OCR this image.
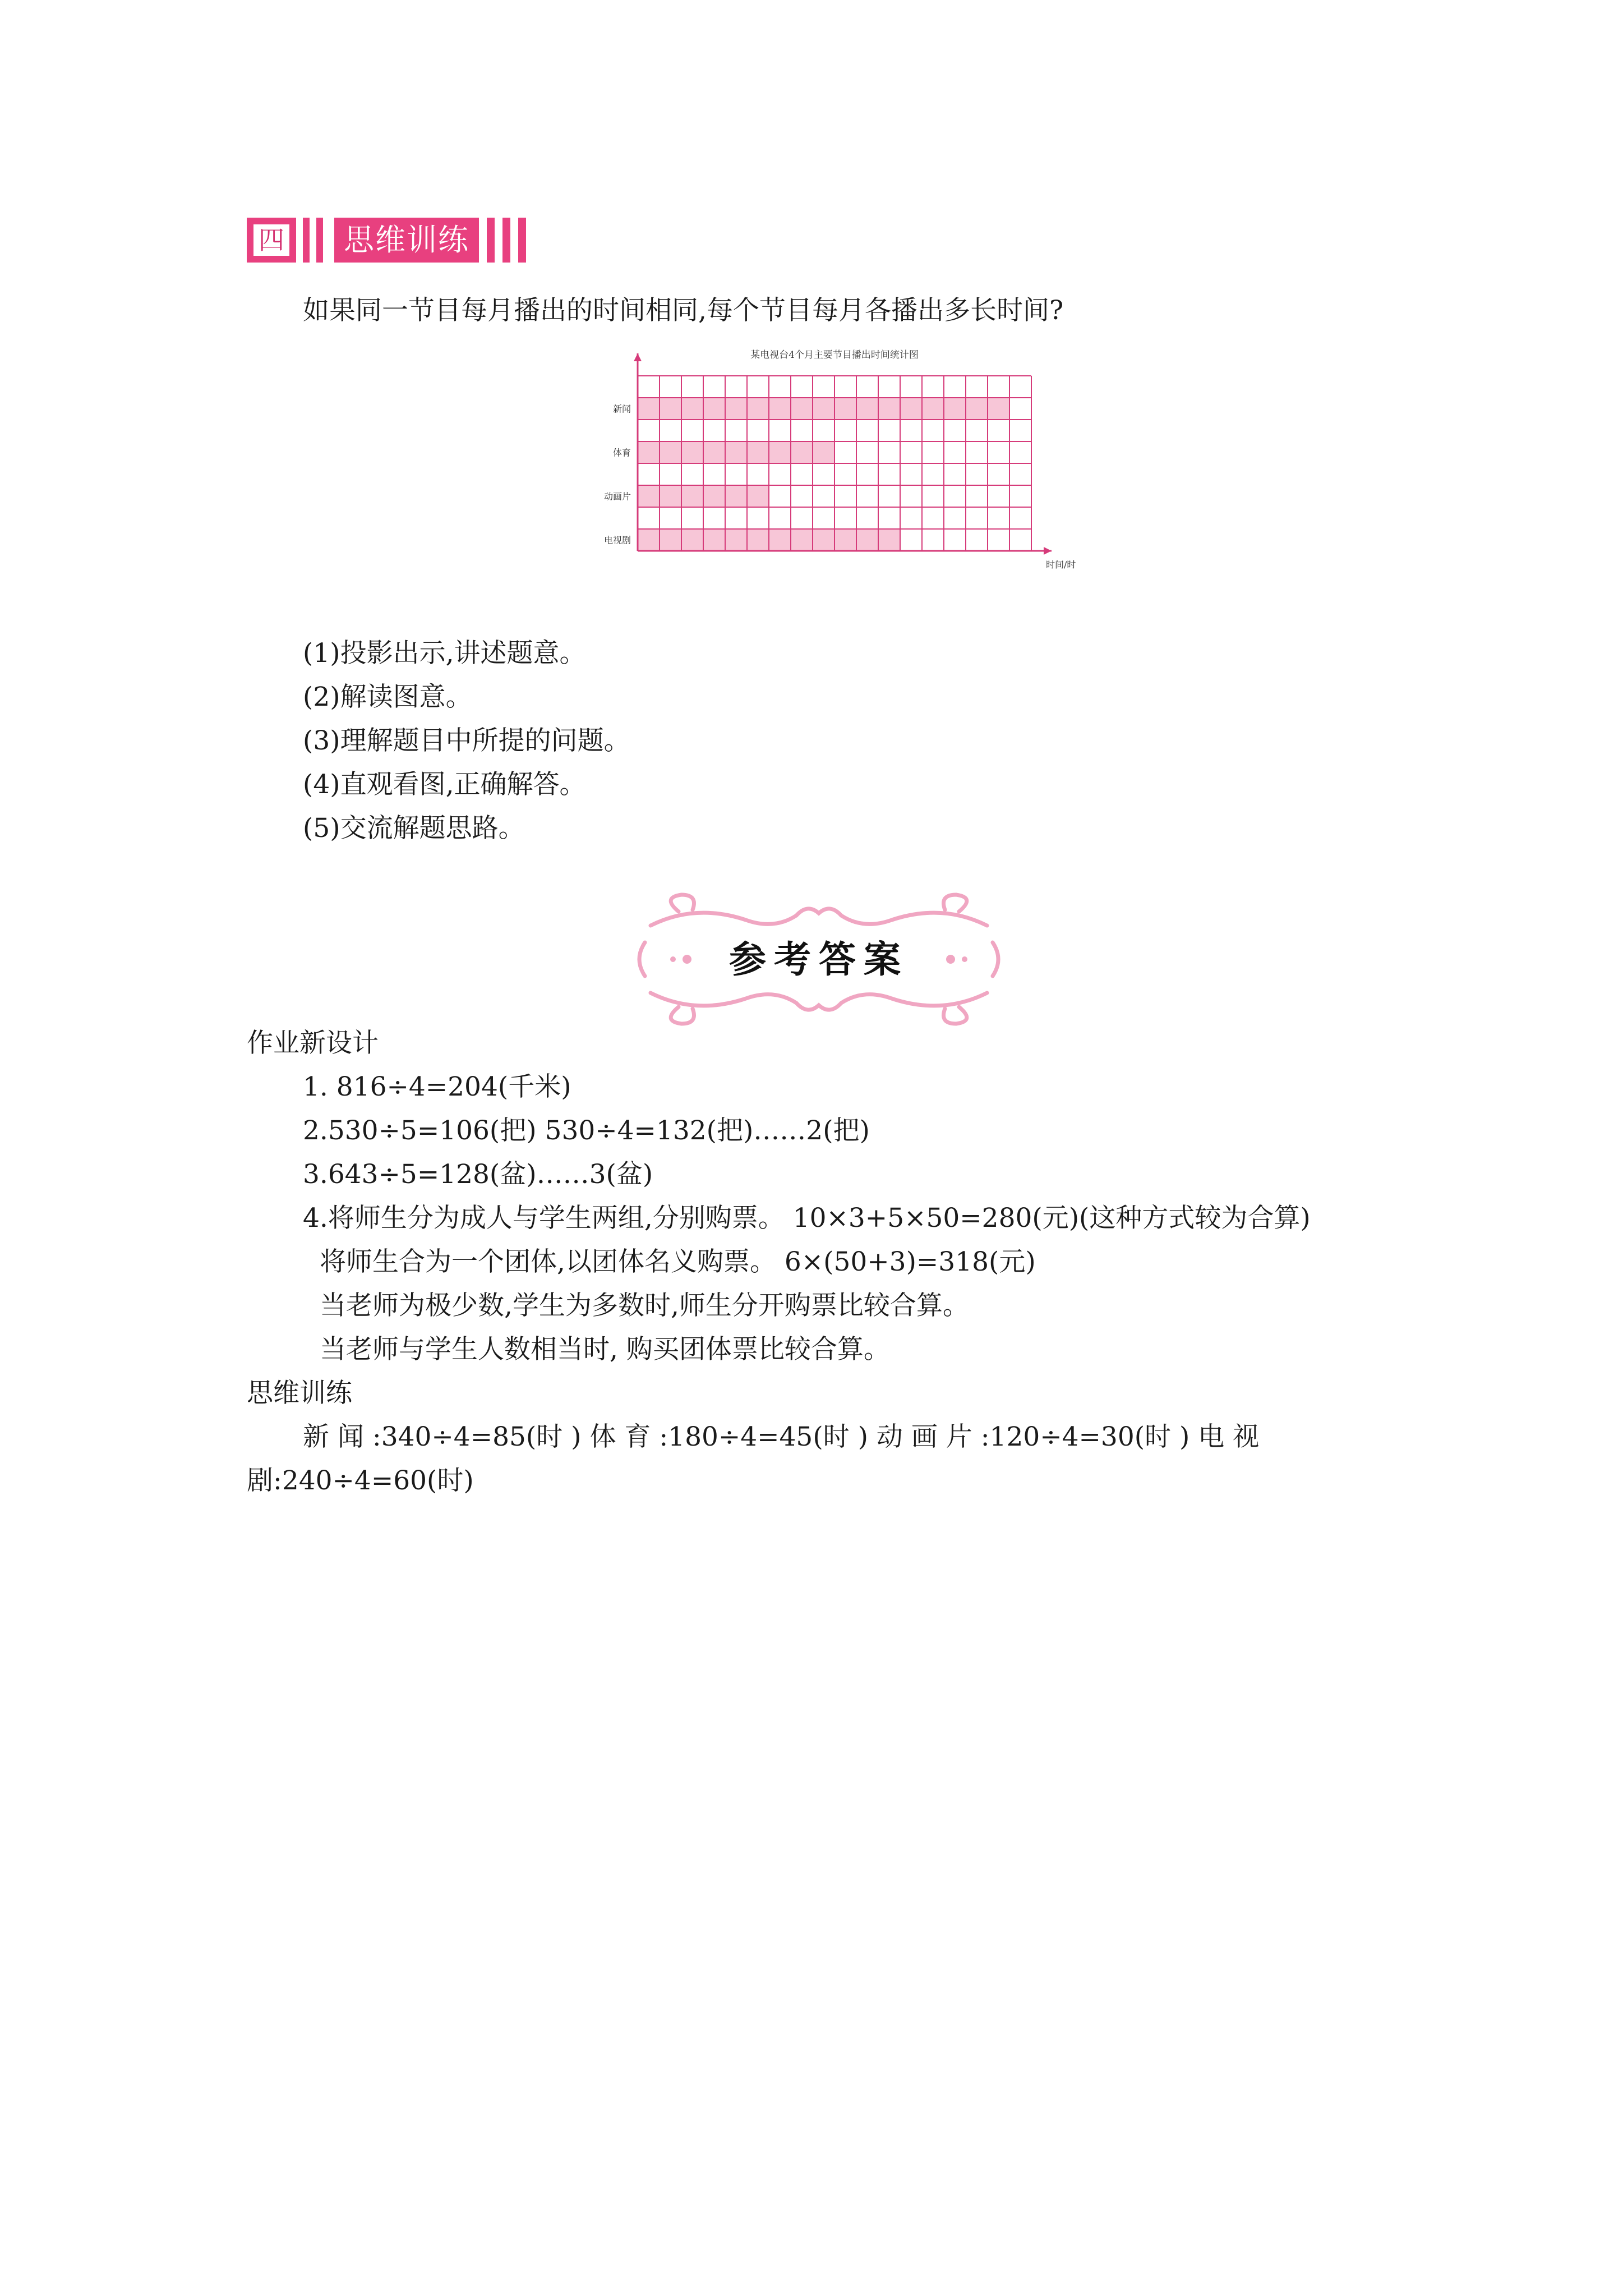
四	思维训练
如果同一节目每月播出的时间相同,每个节目每月各播出多长时间?
某电视台4个月主要节目播出时间统计图
新闻
体育
动画片
电视剧
时间/时
(1)投影出示,讲述题意。
(2)解读图意。
(3)理解题目中所提的问题。
(4)直观看图,正确解答。
(5)交流解题思路。
参考答案
作业新设计
1. 816÷4=204(千米)
2.530÷5=106(把) 530÷4=132(把)……2(把)
3.643÷5=128(盆)……3(盆)
4.将师生分为成人与学生两组,分别购票。 10×3+5×50=280(元)(这种方式较为合算)
将师生合为一个团体,以团体名义购票。 6×(50+3)=318(元)
当老师为极少数,学生为多数时,师生分开购票比较合算。
当老师与学生人数相当时, 购买团体票比较合算。
思维训练
新 闻 :340÷4=85(时 ) 体 育 :180÷4=45(时 ) 动 画 片 :120÷4=30(时 ) 电 视
剧:240÷4=60(时)
